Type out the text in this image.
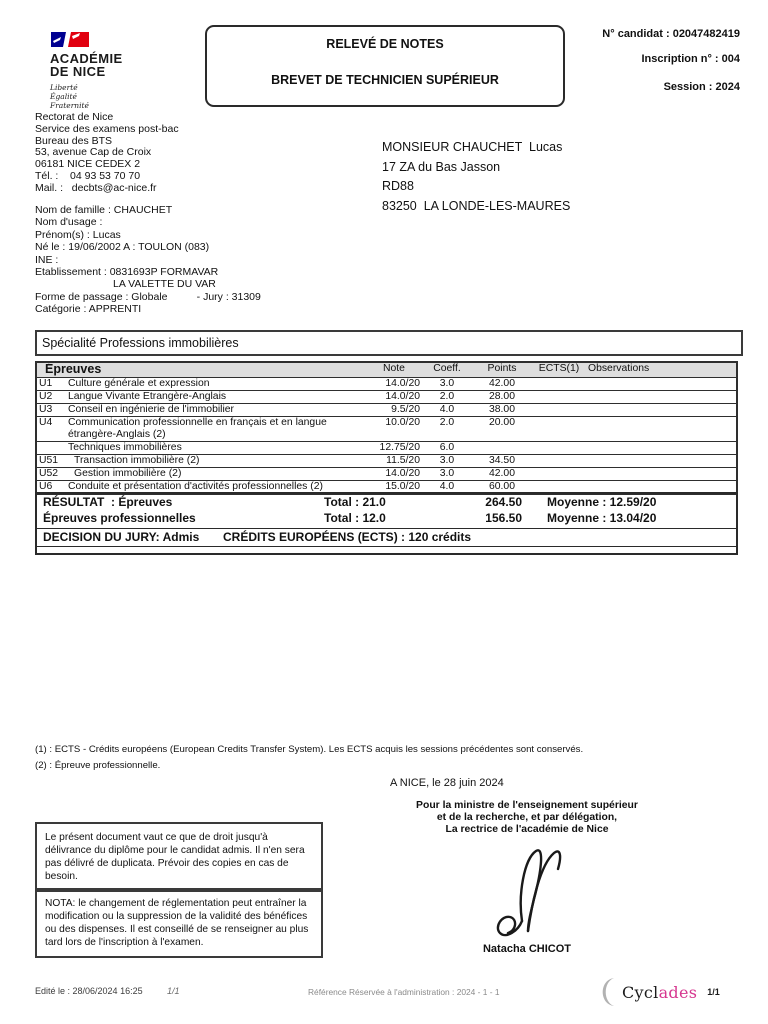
ACADÉMIE
DE NICE
Liberté
Égalité
Fraternité
RELEVÉ DE NOTES
BREVET DE TECHNICIEN SUPÉRIEUR
N° candidat : 02047482419
Inscription n° : 004
Session : 2024
Rectorat de Nice
Service des examens post-bac
Bureau des BTS
53, avenue Cap de Croix
06181 NICE CEDEX 2
Tél. :    04 93 53 70 70
Mail. :   decbts@ac-nice.fr
MONSIEUR CHAUCHET  Lucas
17 ZA du Bas Jasson
RD88
83250  LA LONDE-LES-MAURES
Nom de famille : CHAUCHET
Nom d'usage :
Prénom(s) : Lucas
Né le : 19/06/2002 A : TOULON (083)
INE :
Etablissement : 0831693P FORMAVAR
LA VALETTE DU VAR
Forme de passage : Globale          - Jury : 31309
Catégorie : APPRENTI
Spécialité Professions immobilières
Épreuves		Note	Coeff.	Points	ECTS(1)	Observations
U1	Culture générale et expression	14.0/20	3.0	42.00		
U2	Langue Vivante Etrangère-Anglais	14.0/20	2.0	28.00		
U3	Conseil en ingénierie de l'immobilier	9.5/20	4.0	38.00		
U4	Communication professionnelle en français et en langue étrangère-Anglais (2)	10.0/20	2.0	20.00		
	Techniques immobilières	12.75/20	6.0			
U51	Transaction immobilière (2)	11.5/20	3.0	34.50		
U52	Gestion immobilière (2)	14.0/20	3.0	42.00		
U6	Conduite et présentation d'activités professionnelles (2)	15.0/20	4.0	60.00		
RÉSULTAT  : Épreuves	Total : 21.0	264.50 Moyenne : 12.59/20
Épreuves professionnelles	Total : 12.0	156.50 Moyenne : 13.04/20
DECISION DU JURY: Admis CRÉDITS EUROPÉENS (ECTS) : 120 crédits
(1) : ECTS - Crédits européens (European Credits Transfer System). Les ECTS acquis les sessions précédentes sont conservés.
(2) : Épreuve professionnelle.
A NICE, le 28 juin 2024
Pour la ministre de l'enseignement supérieur
et de la recherche, et par délégation,
La rectrice de l'académie de Nice
Natacha CHICOT
Le présent document vaut ce que de droit jusqu'à délivrance du diplôme pour le candidat admis. Il n'en sera pas délivré de duplicata. Prévoir des copies en cas de besoin.
NOTA: le changement de réglementation peut entraîner la modification ou la suppression de la validité des bénéfices ou des dispenses. Il est conseillé de se renseigner au plus tard lors de l'inscription à l'examen.
Edité le : 28/06/2024 16:25	1/1	Référence Réservée à l'administration : 2024 - 1 - 1	Cyclades 1/1
